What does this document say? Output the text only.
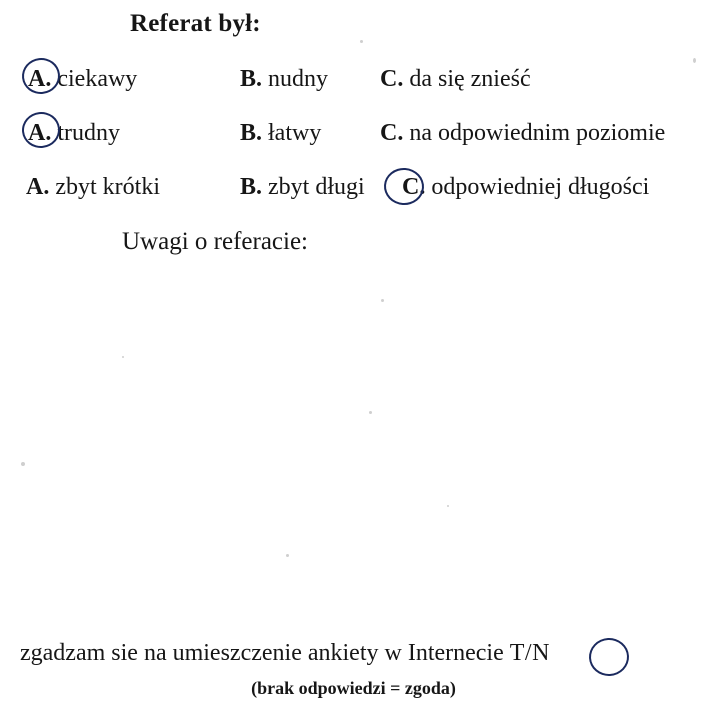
Referat był:
A. ciekawy	B. nudny C. da się znieść
A. trudny	B. łatwy C. na odpowiednim poziomie
A. zbyt krótki	B. zbyt długi C. odpowiedniej długości
Uwagi o referacie:
zgadzam sie na umieszczenie ankiety w Internecie T/N
(brak odpowiedzi = zgoda)
